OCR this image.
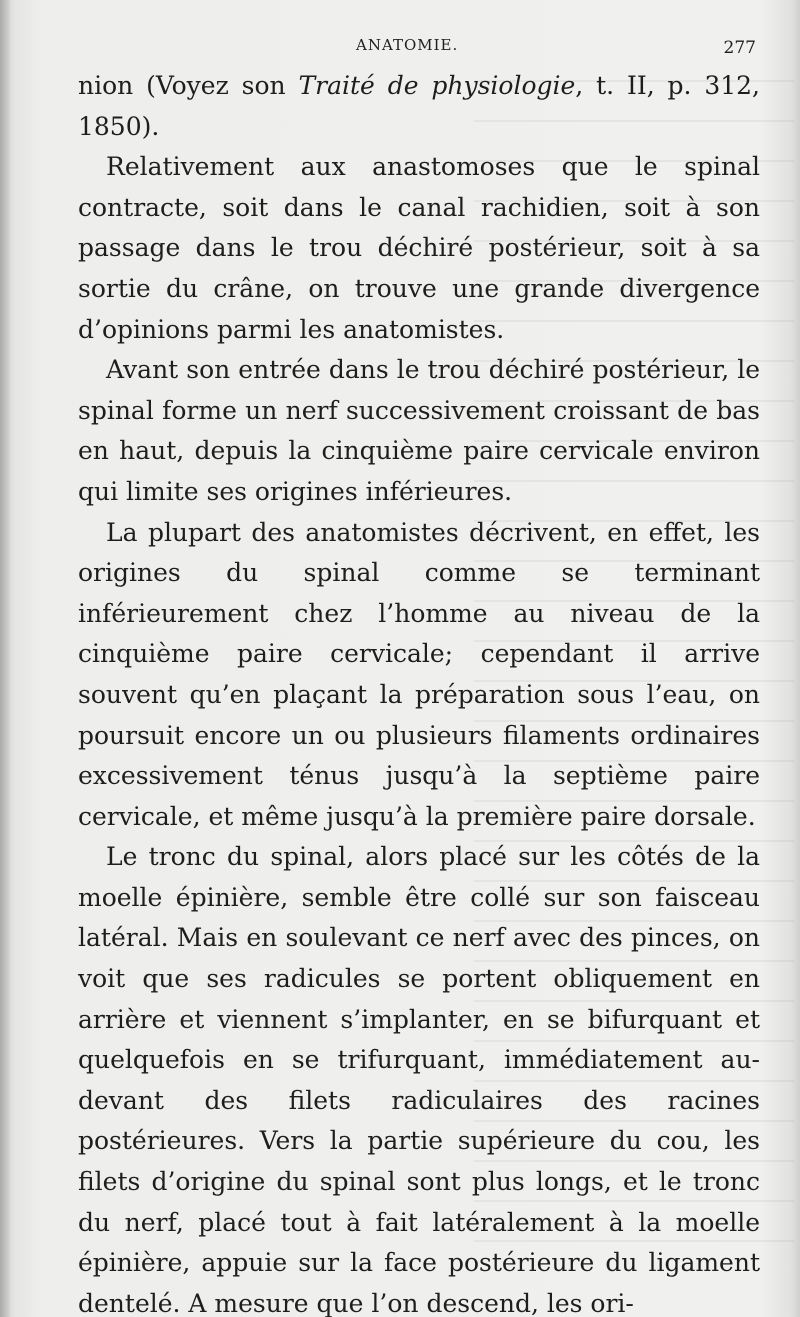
ANATOMIE.	277

nion (Voyez son Traité de physiologie, t. II, p. 312, 1850).

Relativement aux anastomoses que le spinal contracte, soit dans le canal rachidien, soit à son passage dans le trou déchiré postérieur, soit à sa sortie du crâne, on trouve une grande divergence d’opinions parmi les anatomistes.

Avant son entrée dans le trou déchiré postérieur, le spinal forme un nerf successivement croissant de bas en haut, depuis la cinquième paire cervicale environ qui limite ses origines inférieures.

La plupart des anatomistes décrivent, en effet, les origines du spinal comme se terminant inférieurement chez l’homme au niveau de la cinquième paire cervicale; cependant il arrive souvent qu’en plaçant la préparation sous l’eau, on poursuit encore un ou plusieurs filaments ordinaires excessivement ténus jusqu’à la septième paire cervicale, et même jusqu’à la première paire dorsale.

Le tronc du spinal, alors placé sur les côtés de la moelle épinière, semble être collé sur son faisceau latéral. Mais en soulevant ce nerf avec des pinces, on voit que ses radicules se portent obliquement en arrière et viennent s’implanter, en se bifurquant et quelquefois en se trifurquant, immédiatement au-devant des filets radiculaires des racines postérieures. Vers la partie supérieure du cou, les filets d’origine du spinal sont plus longs, et le tronc du nerf, placé tout à fait latéralement à la moelle épinière, appuie sur la face postérieure du ligament dentelé. A mesure que l’on descend, les ori-
